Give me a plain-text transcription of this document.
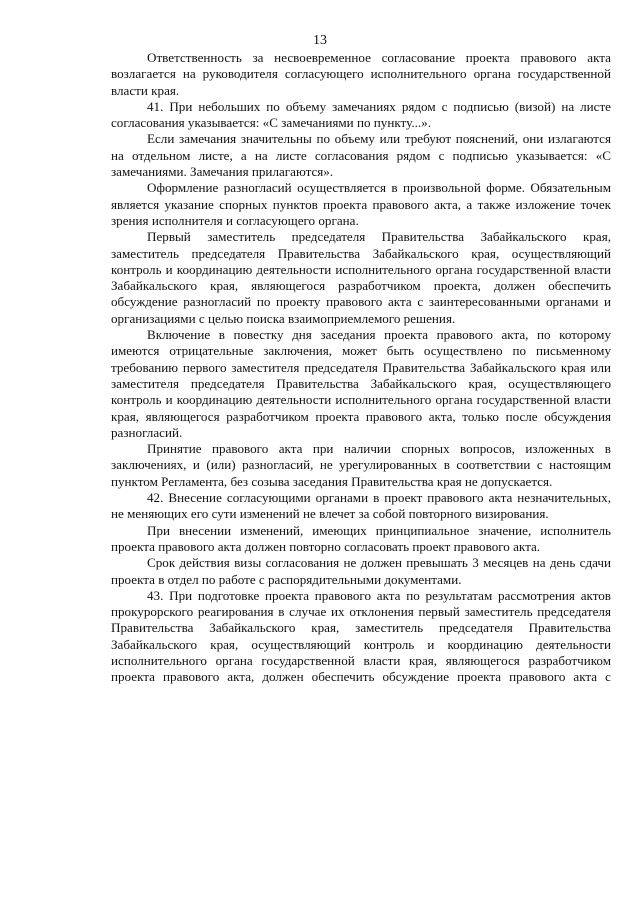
13

Ответственность за несвоевременное согласование проекта правового акта возлагается на руководителя согласующего исполнительного органа государственной власти края.

41. При небольших по объему замечаниях рядом с подписью (визой) на листе согласования указывается: «С замечаниями по пункту...».

Если замечания значительны по объему или требуют пояснений, они излагаются на отдельном листе, а на листе согласования рядом с подписью указывается: «С замечаниями. Замечания прилагаются».

Оформление разногласий осуществляется в произвольной форме. Обязательным является указание спорных пунктов проекта правового акта, а также изложение точек зрения исполнителя и согласующего органа.

Первый заместитель председателя Правительства Забайкальского края, заместитель председателя Правительства Забайкальского края, осуществляющий контроль и координацию деятельности исполнительного органа государственной власти Забайкальского края, являющегося разработчиком проекта, должен обеспечить обсуждение разногласий по проекту правового акта с заинтересованными органами и организациями с целью поиска взаимоприемлемого решения.

Включение в повестку дня заседания проекта правового акта, по которому имеются отрицательные заключения, может быть осуществлено по письменному требованию первого заместителя председателя Правительства Забайкальского края или заместителя председателя Правительства Забайкальского края, осуществляющего контроль и координацию деятельности исполнительного органа государственной власти края, являющегося разработчиком проекта правового акта, только после обсуждения разногласий.

Принятие правового акта при наличии спорных вопросов, изложенных в заключениях, и (или) разногласий, не урегулированных в соответствии с настоящим пунктом Регламента, без созыва заседания Правительства края не допускается.

42. Внесение согласующими органами в проект правового акта незначительных, не меняющих его сути изменений не влечет за собой повторного визирования.

При внесении изменений, имеющих принципиальное значение, исполнитель проекта правового акта должен повторно согласовать проект правового акта.

Срок действия визы согласования не должен превышать 3 месяцев на день сдачи проекта в отдел по работе с распорядительными документами.

43. При подготовке проекта правового акта по результатам рассмотрения актов прокурорского реагирования в случае их отклонения первый заместитель председателя Правительства Забайкальского края, заместитель председателя Правительства Забайкальского края, осуществляющий контроль и координацию деятельности исполнительного органа государственной власти края, являющегося разработчиком проекта правового акта, должен обеспечить обсуждение проекта правового акта с
